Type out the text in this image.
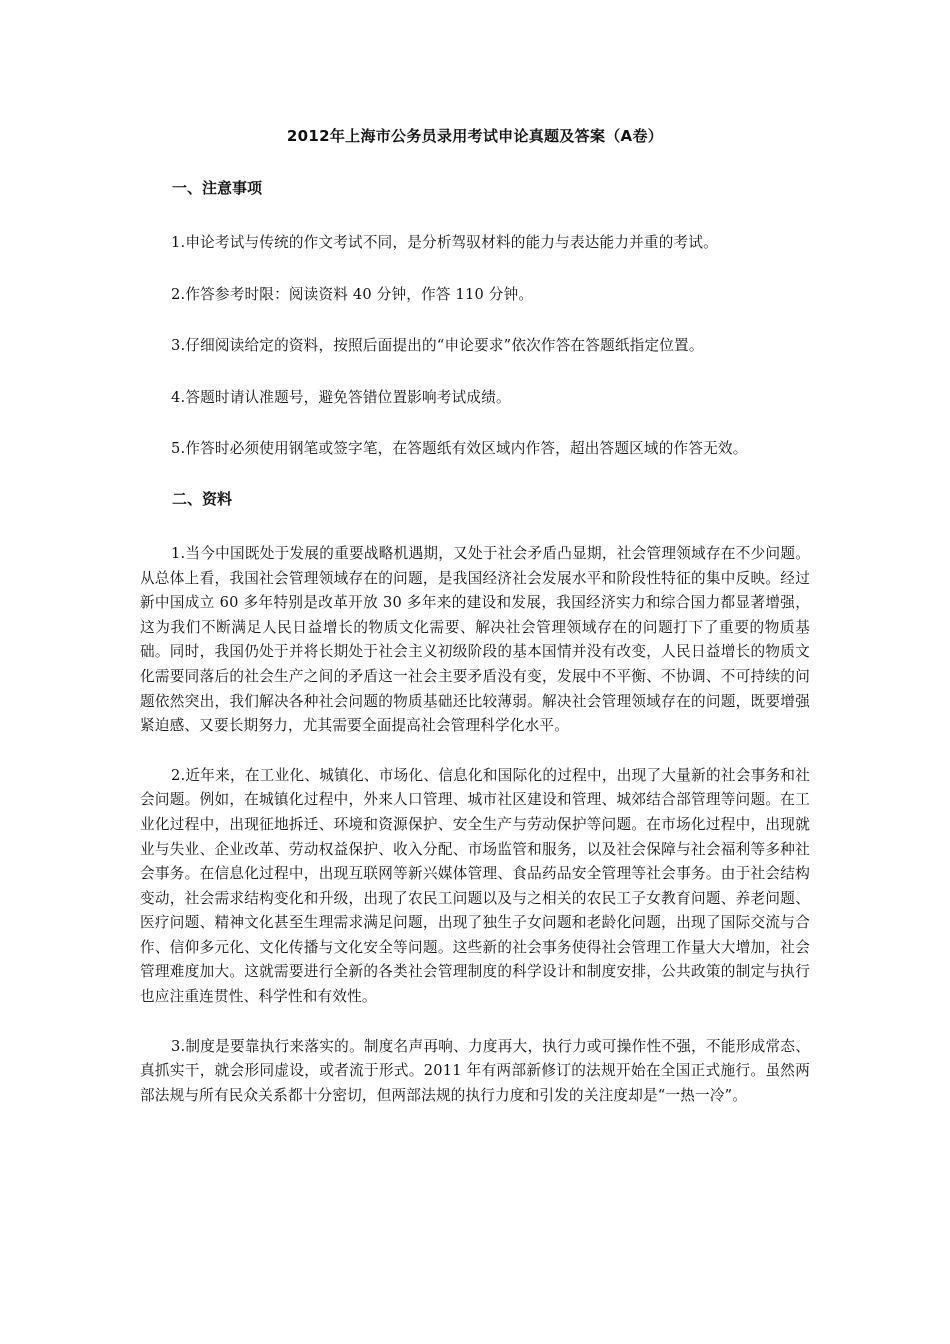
2012年上海市公务员录用考试申论真题及答案（A卷）
一、注意事项

1.申论考试与传统的作文考试不同，是分析驾驭材料的能力与表达能力并重的考试。

2.作答参考时限：阅读资料 40 分钟，作答 110 分钟。

3.仔细阅读给定的资料，按照后面提出的“申论要求”依次作答在答题纸指定位置。

4.答题时请认准题号，避免答错位置影响考试成绩。

5.作答时必须使用钢笔或签字笔，在答题纸有效区域内作答，超出答题区域的作答无效。

二、资料

1.当今中国既处于发展的重要战略机遇期，又处于社会矛盾凸显期，社会管理领域存在不少问题。从总体上看，我国社会管理领域存在的问题，是我国经济社会发展水平和阶段性特征的集中反映。经过新中国成立 60 多年特别是改革开放 30 多年来的建设和发展，我国经济实力和综合国力都显著增强，这为我们不断满足人民日益增长的物质文化需要、解决社会管理领域存在的问题打下了重要的物质基础。同时，我国仍处于并将长期处于社会主义初级阶段的基本国情并没有改变，人民日益增长的物质文化需要同落后的社会生产之间的矛盾这一社会主要矛盾没有变，发展中不平衡、不协调、不可持续的问题依然突出，我们解决各种社会问题的物质基础还比较薄弱。解决社会管理领域存在的问题，既要增强紧迫感、又要长期努力，尤其需要全面提高社会管理科学化水平。

2.近年来，在工业化、城镇化、市场化、信息化和国际化的过程中，出现了大量新的社会事务和社会问题。例如，在城镇化过程中，外来人口管理、城市社区建设和管理、城郊结合部管理等问题。在工业化过程中，出现征地拆迁、环境和资源保护、安全生产与劳动保护等问题。在市场化过程中，出现就业与失业、企业改革、劳动权益保护、收入分配、市场监管和服务，以及社会保障与社会福利等多种社会事务。在信息化过程中，出现互联网等新兴媒体管理、食品药品安全管理等社会事务。由于社会结构变动，社会需求结构变化和升级，出现了农民工问题以及与之相关的农民工子女教育问题、养老问题、医疗问题、精神文化甚至生理需求满足问题，出现了独生子女问题和老龄化问题，出现了国际交流与合作、信仰多元化、文化传播与文化安全等问题。这些新的社会事务使得社会管理工作量大大增加，社会管理难度加大。这就需要进行全新的各类社会管理制度的科学设计和制度安排，公共政策的制定与执行也应注重连贯性、科学性和有效性。

3.制度是要靠执行来落实的。制度名声再响、力度再大，执行力或可操作性不强，不能形成常态、真抓实干，就会形同虚设，或者流于形式。2011 年有两部新修订的法规开始在全国正式施行。虽然两部法规与所有民众关系都十分密切，但两部法规的执行力度和引发的关注度却是“一热一冷”。
